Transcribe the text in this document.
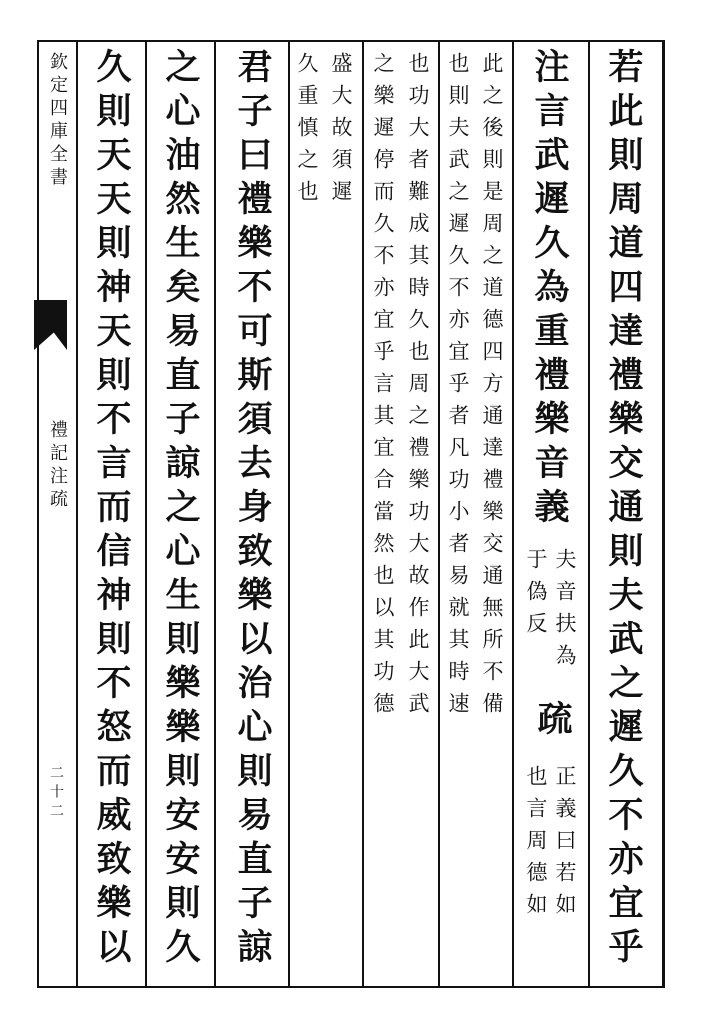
欽定四庫全書
禮記注疏
二十二	若此則周道四達禮樂交通則夫武之遲久不亦宜乎
注言武遲久為重禮樂音義
夫音扶為
于偽反
疏
正義曰若如
也言周德如
此之後則是周之道德四方通達禮樂交通無所不備
也則夫武之遲久不亦宜乎者凡功小者易就其時速
也功大者難成其時久也周之禮樂功大故作此大武
之樂遲停而久不亦宜乎言其宜合當然也以其功德
盛大故須遲
久重慎之也
君子曰禮樂不可斯須去身致樂以治心則易直子諒
之心油然生矣易直子諒之心生則樂樂則安安則久
久則天天則神天則不言而信神則不怒而威致樂以
